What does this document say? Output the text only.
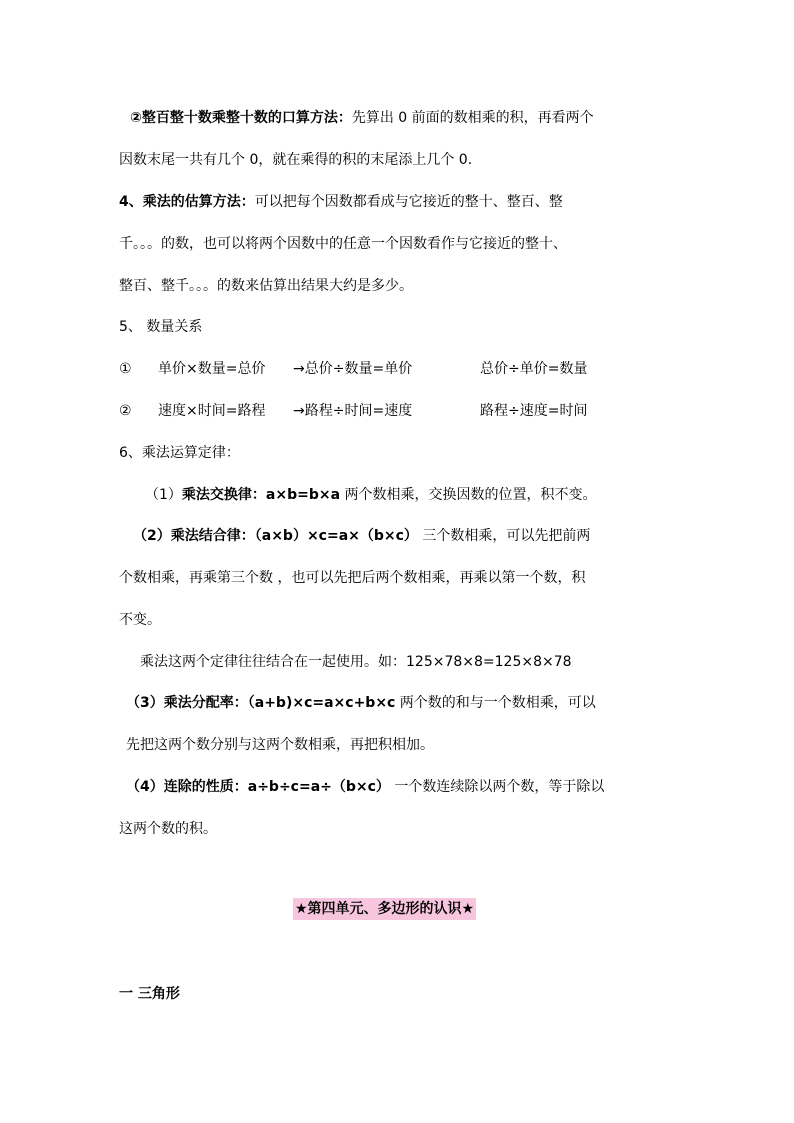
②整百整十数乘整十数的口算方法：先算出 0 前面的数相乘的积，再看两个
因数末尾一共有几个 0，就在乘得的积的末尾添上几个 0.
4、乘法的估算方法：可以把每个因数都看成与它接近的整十、整百、整
千。。。的数，也可以将两个因数中的任意一个因数看作与它接近的整十、
整百、整千。。。的数来估算出结果大约是多少。
5、 数量关系
① 单价×数量=总价 →总价÷数量=单价	总价÷单价=数量
② 速度×时间=路程 →路程÷时间=速度	路程÷速度=时间
6、乘法运算定律：
（1）乘法交换律：a×b=b×a 两个数相乘，交换因数的位置，积不变。
（2）乘法结合律：（a×b）×c=a×（b×c） 三个数相乘，可以先把前两
个数相乘，再乘第三个数 ，也可以先把后两个数相乘，再乘以第一个数，积
不变。
乘法这两个定律往往结合在一起使用。如：125×78×8=125×8×78
（3）乘法分配率：（a+b)×c=a×c+b×c 两个数的和与一个数相乘，可以
先把这两个数分别与这两个数相乘，再把积相加。
（4）连除的性质：a÷b÷c=a÷（b×c） 一个数连续除以两个数，等于除以
这两个数的积。
★第四单元、多边形的认识★
一 三角形
